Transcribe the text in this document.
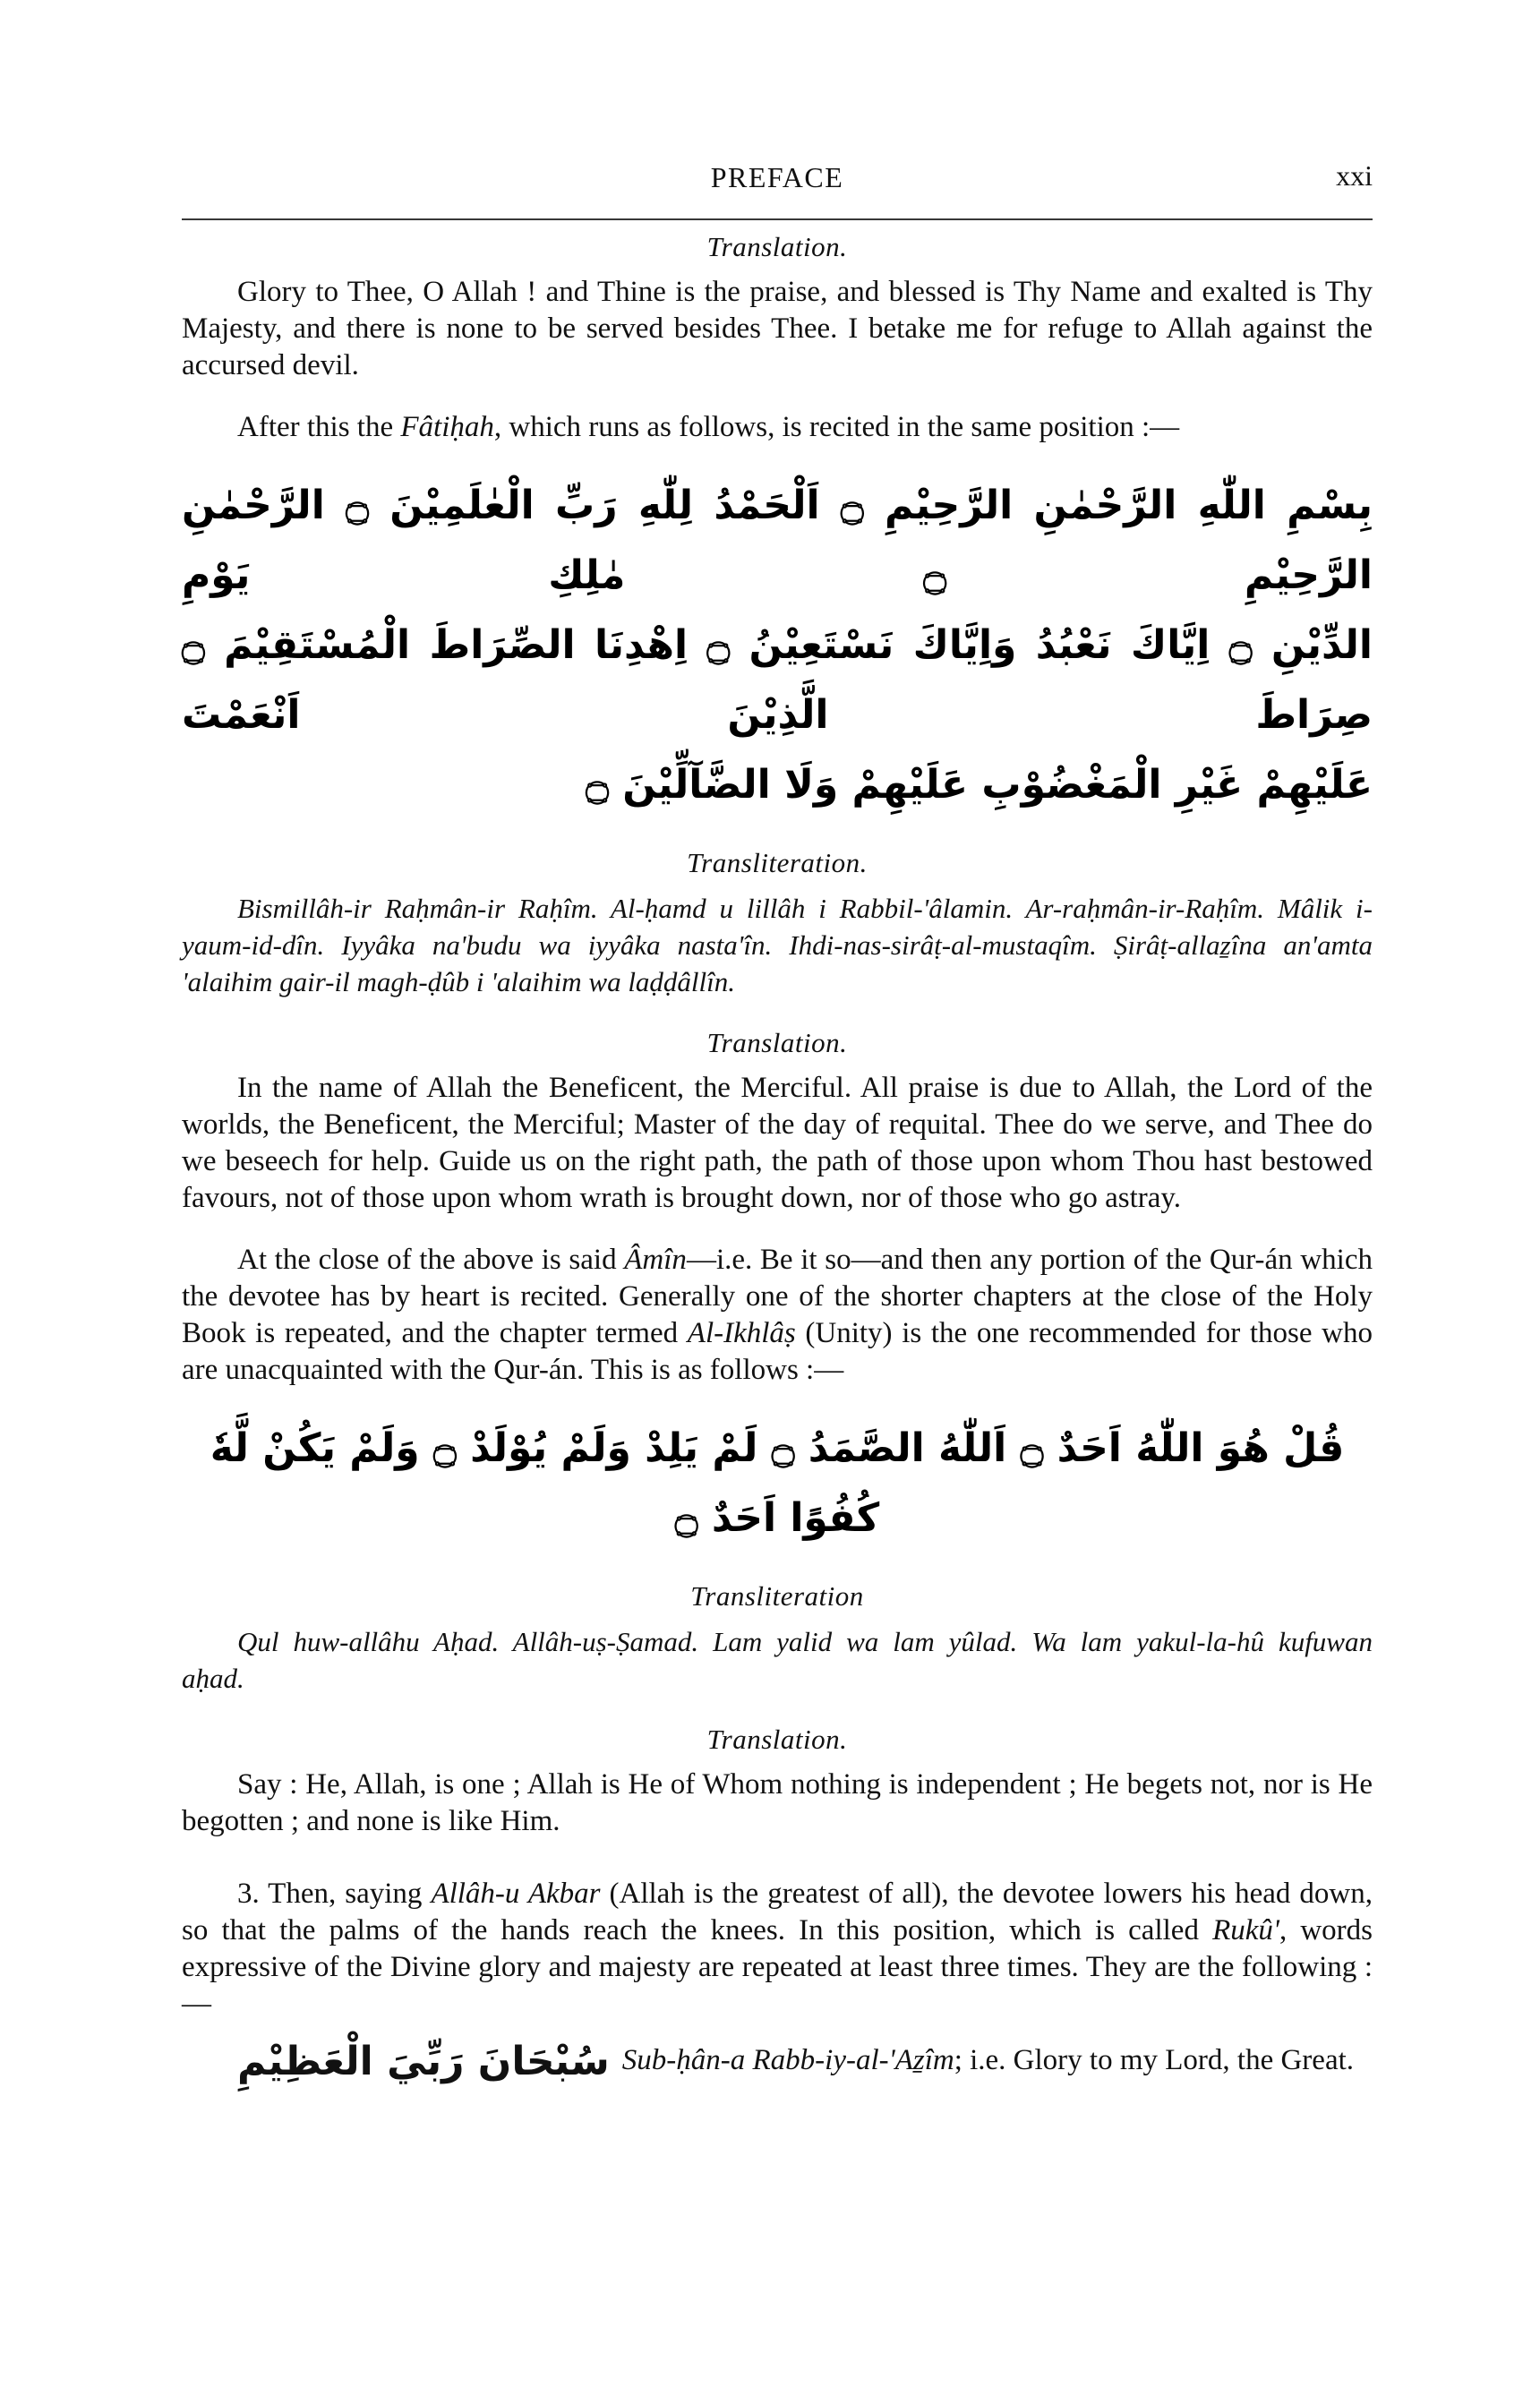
PREFACE	xxi
Translation.

Glory to Thee, O Allah ! and Thine is the praise, and blessed is Thy Name and exalted is Thy Majesty, and there is none to be served besides Thee. I betake me for refuge to Allah against the accursed devil.

After this the Fâtiḥah, which runs as follows, is recited in the same position :—

بِسْمِ اللّٰهِ الرَّحْمٰنِ الرَّحِيْمِ ۝ اَلْحَمْدُ لِلّٰهِ رَبِّ الْعٰلَمِيْنَ ۝ الرَّحْمٰنِ الرَّحِيْمِ ۝ مٰلِكِ يَوْمِ

الدِّيْنِ ۝ اِيَّاكَ نَعْبُدُ وَاِيَّاكَ نَسْتَعِيْنُ ۝ اِهْدِنَا الصِّرَاطَ الْمُسْتَقِيْمَ ۝ صِرَاطَ الَّذِيْنَ اَنْعَمْتَ

عَلَيْهِمْ غَيْرِ الْمَغْضُوْبِ عَلَيْهِمْ وَلَا الضَّآلِّيْنَ ۝

Transliteration.

Bismillâh-ir Raḥmân-ir Raḥîm. Al-ḥamd u lillâh i Rabbil-'âlamin. Ar-raḥmân-ir-Raḥîm. Mâlik i-yaum-id-dîn. Iyyâka na'budu wa iyyâka nasta'în. Ihdi-nas-sirâṭ-al-mustaqîm. Ṣirâṭ-allaẕîna an'amta 'alaihim gair-il magh-ḍûb i 'alaihim wa laḍḍâllîn.

Translation.

In the name of Allah the Beneficent, the Merciful. All praise is due to Allah, the Lord of the worlds, the Beneficent, the Merciful; Master of the day of requital. Thee do we serve, and Thee do we beseech for help. Guide us on the right path, the path of those upon whom Thou hast bestowed favours, not of those upon whom wrath is brought down, nor of those who go astray.

At the close of the above is said Âmîn—i.e. Be it so—and then any portion of the Qur-án which the devotee has by heart is recited. Generally one of the shorter chapters at the close of the Holy Book is repeated, and the chapter termed Al-Ikhlâṣ (Unity) is the one recommended for those who are unacquainted with the Qur-án. This is as follows :—

قُلْ هُوَ اللّٰهُ اَحَدٌ ۝ اَللّٰهُ الصَّمَدُ ۝ لَمْ يَلِدْ وَلَمْ يُوْلَدْ ۝ وَلَمْ يَكُنْ لَّهٗ كُفُوًا اَحَدٌ ۝

Transliteration

Qul huw-allâhu Aḥad. Allâh-uṣ-Ṣamad. Lam yalid wa lam yûlad. Wa lam yakul-la-hû kufuwan aḥad.

Translation.

Say : He, Allah, is one ; Allah is He of Whom nothing is independent ; He begets not, nor is He begotten ; and none is like Him.

3. Then, saying Allâh-u Akbar (Allah is the greatest of all), the devotee lowers his head down, so that the palms of the hands reach the knees. In this position, which is called Rukû', words expressive of the Divine glory and majesty are repeated at least three times. They are the following :—

سُبْحَانَ رَبِّيَ الْعَظِيْمِ Sub-ḥân-a Rabb-iy-al-'Aẕîm; i.e. Glory to my Lord, the Great.
